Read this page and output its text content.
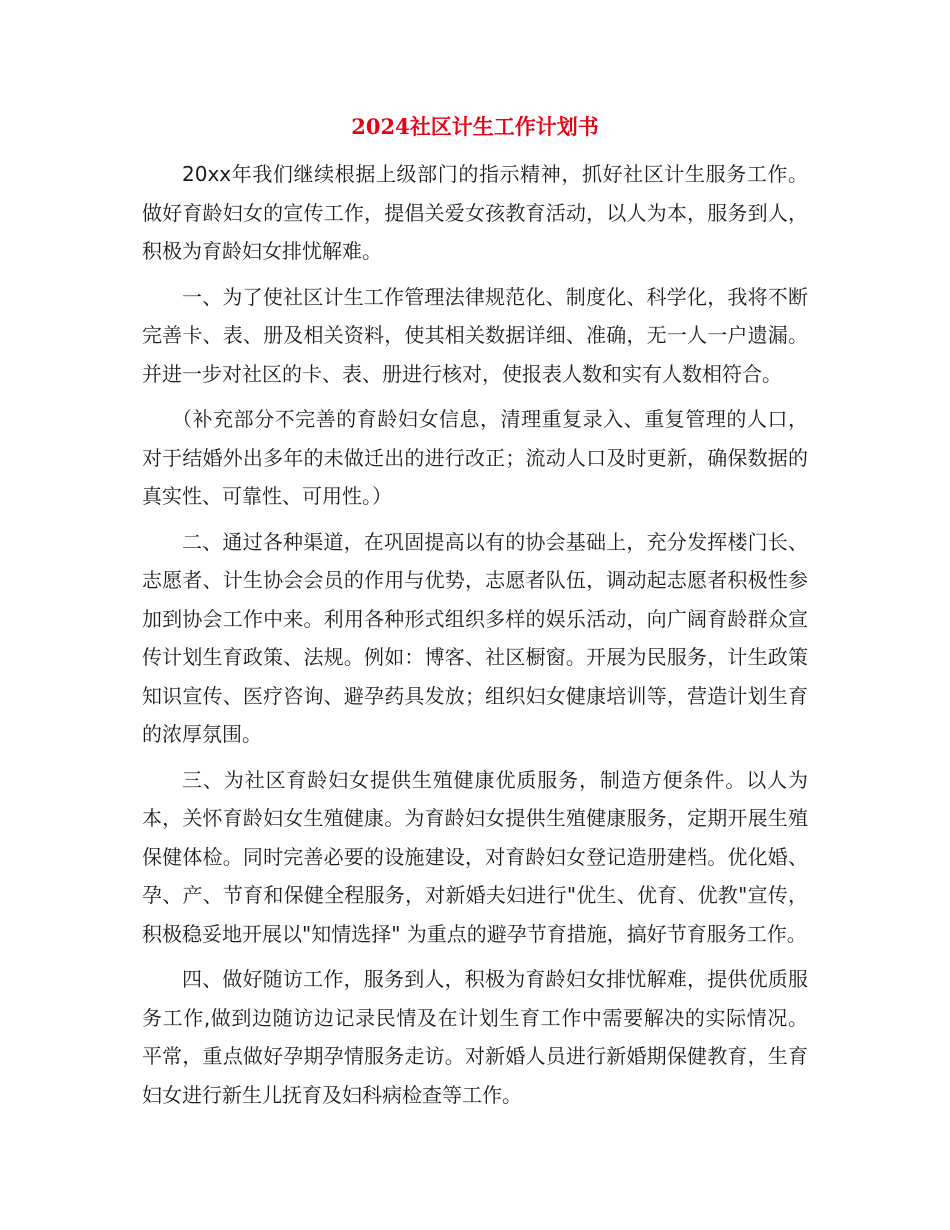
2024社区计生工作计划书

20xx年我们继续根据上级部门的指示精神，抓好社区计生服务工作。做好育龄妇女的宣传工作，提倡关爱女孩教育活动，以人为本，服务到人，积极为育龄妇女排忧解难。

一、为了使社区计生工作管理法律规范化、制度化、科学化，我将不断完善卡、表、册及相关资料，使其相关数据详细、准确，无一人一户遗漏。并进一步对社区的卡、表、册进行核对，使报表人数和实有人数相符合。

（补充部分不完善的育龄妇女信息，清理重复录入、重复管理的人口，对于结婚外出多年的未做迁出的进行改正；流动人口及时更新，确保数据的真实性、可靠性、可用性。）

二、通过各种渠道，在巩固提高以有的协会基础上，充分发挥楼门长、志愿者、计生协会会员的作用与优势，志愿者队伍，调动起志愿者积极性参加到协会工作中来。利用各种形式组织多样的娱乐活动，向广阔育龄群众宣传计划生育政策、法规。例如：博客、社区橱窗。开展为民服务，计生政策知识宣传、医疗咨询、避孕药具发放；组织妇女健康培训等，营造计划生育的浓厚氛围。

三、为社区育龄妇女提供生殖健康优质服务，制造方便条件。以人为本，关怀育龄妇女生殖健康。为育龄妇女提供生殖健康服务，定期开展生殖保健体检。同时完善必要的设施建设，对育龄妇女登记造册建档。优化婚、孕、产、节育和保健全程服务，对新婚夫妇进行"优生、优育、优教"宣传，积极稳妥地开展以"知情选择" 为重点的避孕节育措施，搞好节育服务工作。

四、做好随访工作，服务到人，积极为育龄妇女排忧解难，提供优质服务工作,做到边随访边记录民情及在计划生育工作中需要解决的实际情况。平常，重点做好孕期孕情服务走访。对新婚人员进行新婚期保健教育，生育妇女进行新生儿抚育及妇科病检查等工作。
